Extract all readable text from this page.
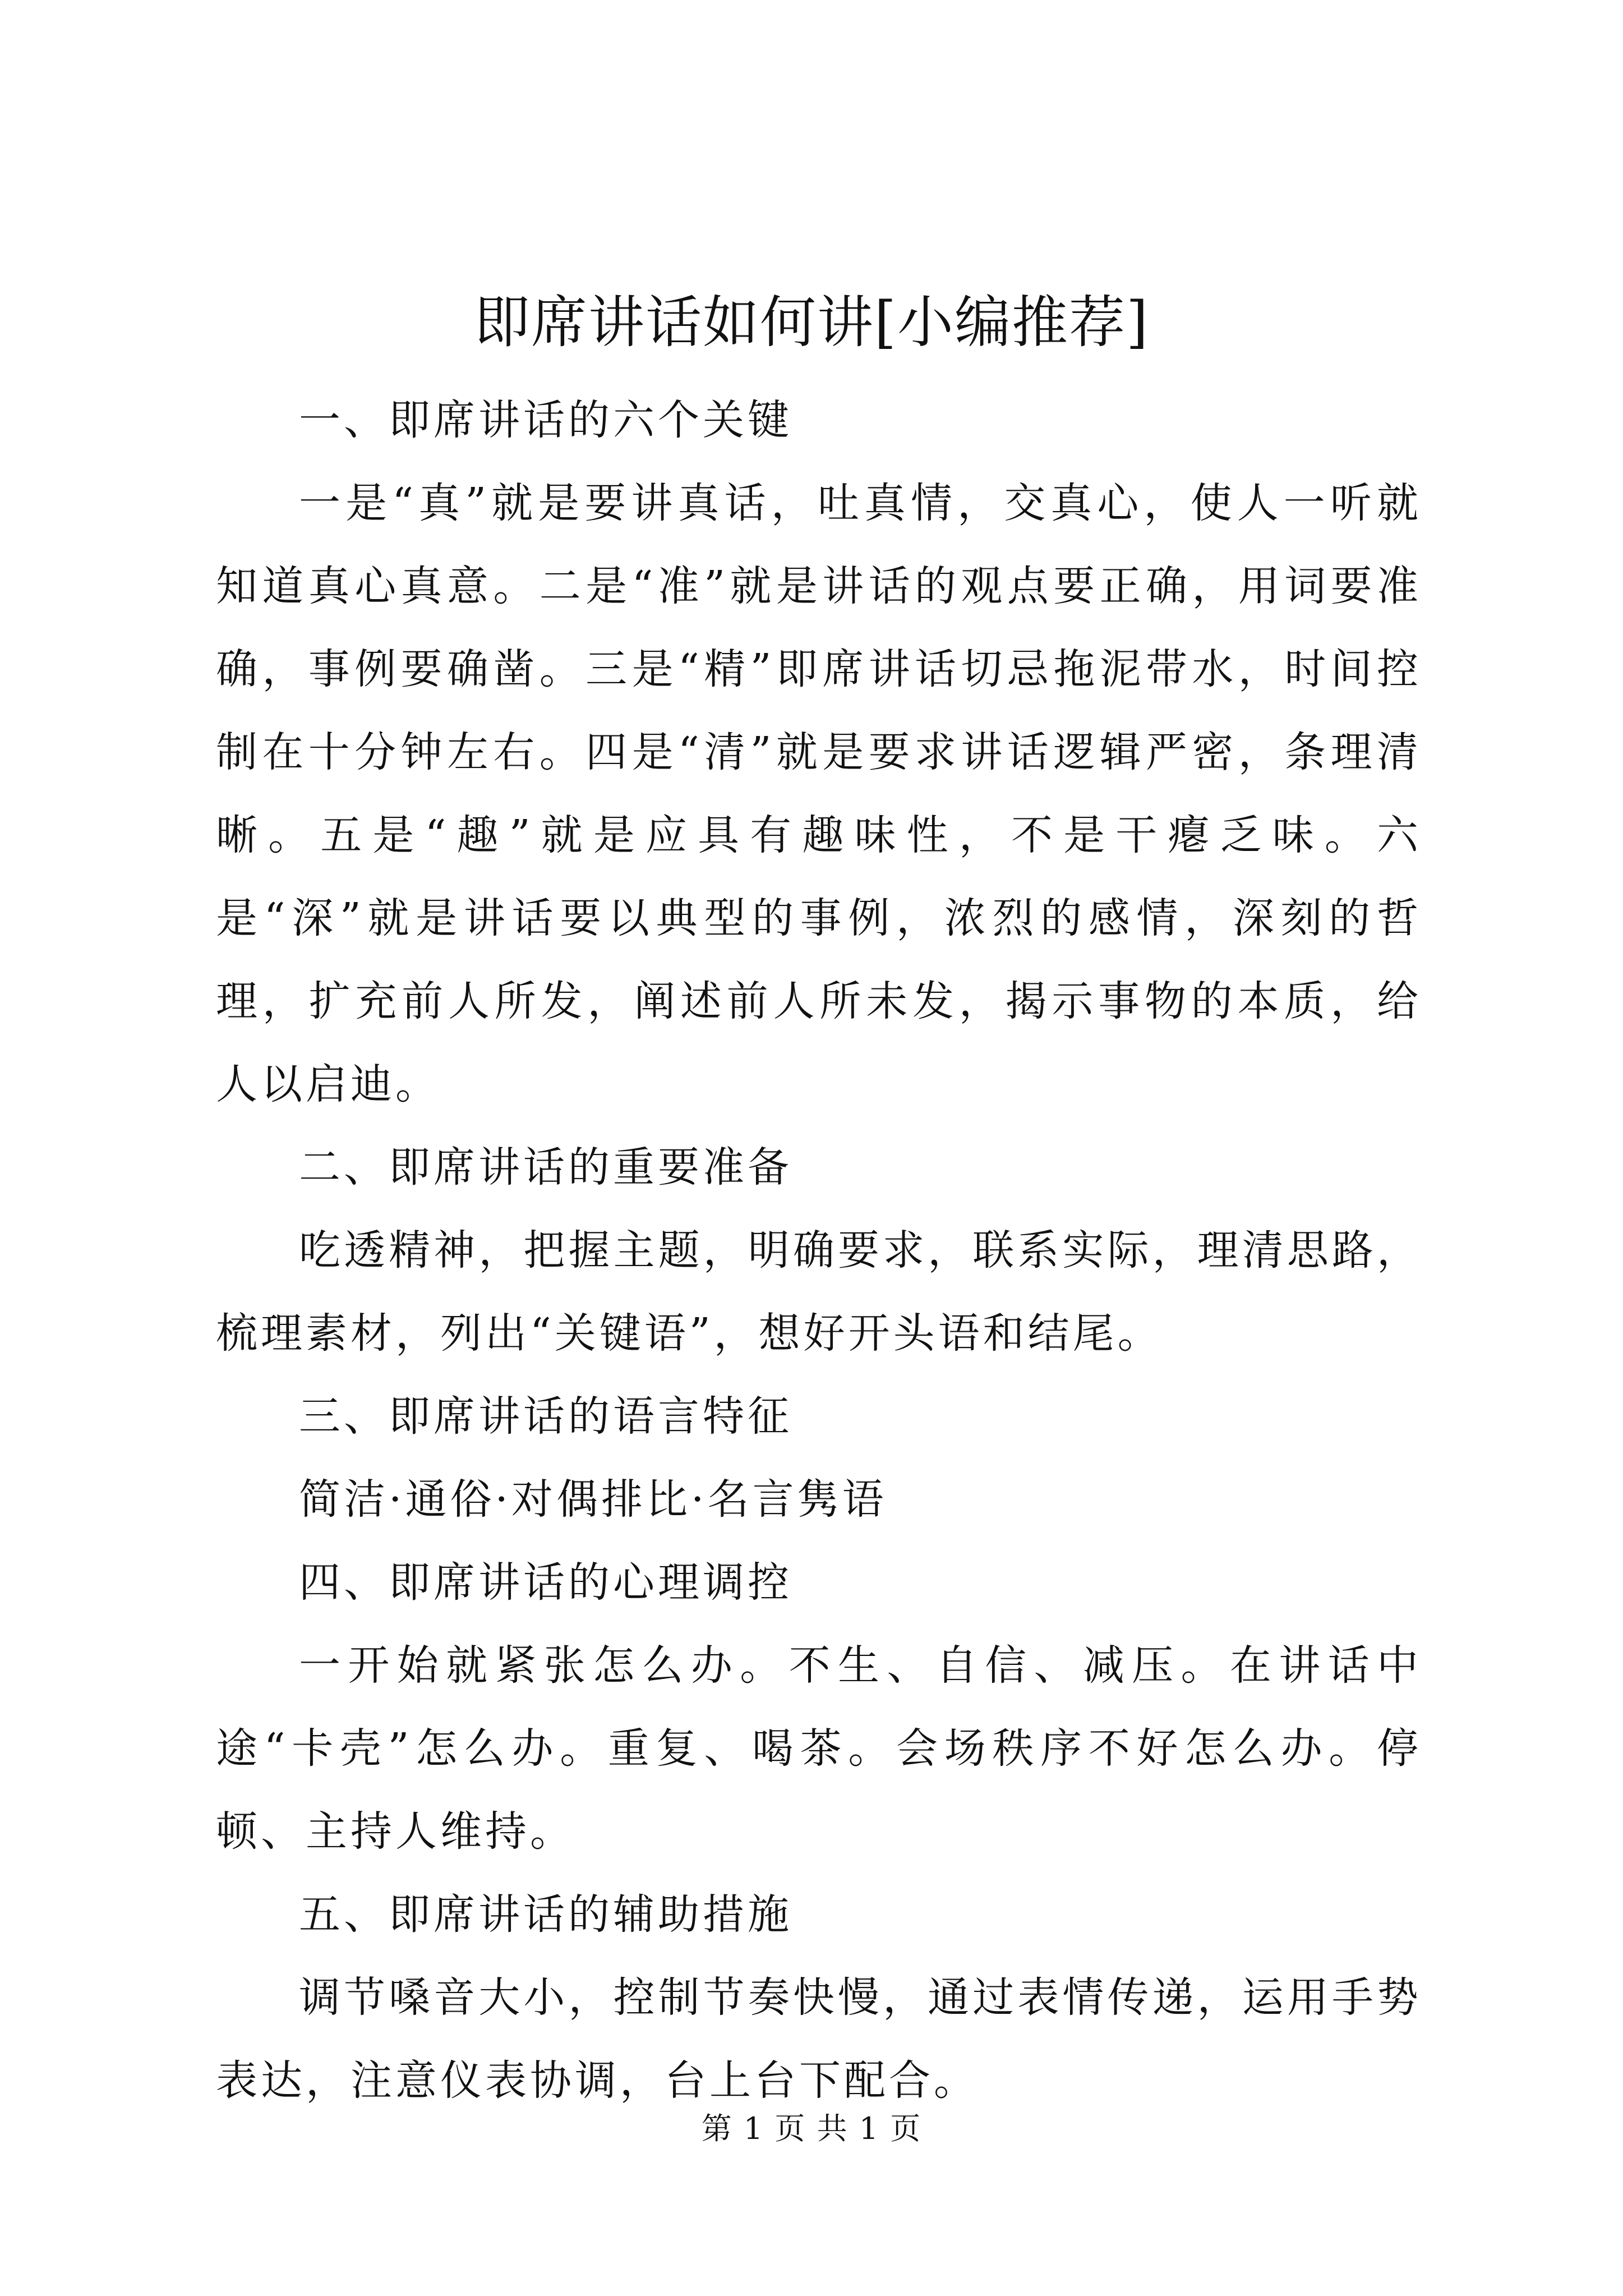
即席讲话如何讲[小编推荐]

一、即席讲话的六个关键

一是“真”就是要讲真话，吐真情，交真心，使人一听就知道真心真意。二是“准”就是讲话的观点要正确，用词要准确，事例要确凿。三是“精”即席讲话切忌拖泥带水，时间控制在十分钟左右。四是“清”就是要求讲话逻辑严密，条理清晰。五是“趣”就是应具有趣味性，不是干瘪乏味。六是“深”就是讲话要以典型的事例，浓烈的感情，深刻的哲理，扩充前人所发，阐述前人所未发，揭示事物的本质，给人以启迪。

二、即席讲话的重要准备

吃透精神，把握主题，明确要求，联系实际，理清思路，梳理素材，列出“关键语”，想好开头语和结尾。

三、即席讲话的语言特征

简洁·通俗·对偶排比·名言隽语

四、即席讲话的心理调控

一开始就紧张怎么办。不生、自信、减压。在讲话中途“卡壳”怎么办。重复、喝茶。会场秩序不好怎么办。停顿、主持人维持。

五、即席讲话的辅助措施

调节嗓音大小，控制节奏快慢，通过表情传递，运用手势表达，注意仪表协调，台上台下配合。

第 1 页 共 1 页
